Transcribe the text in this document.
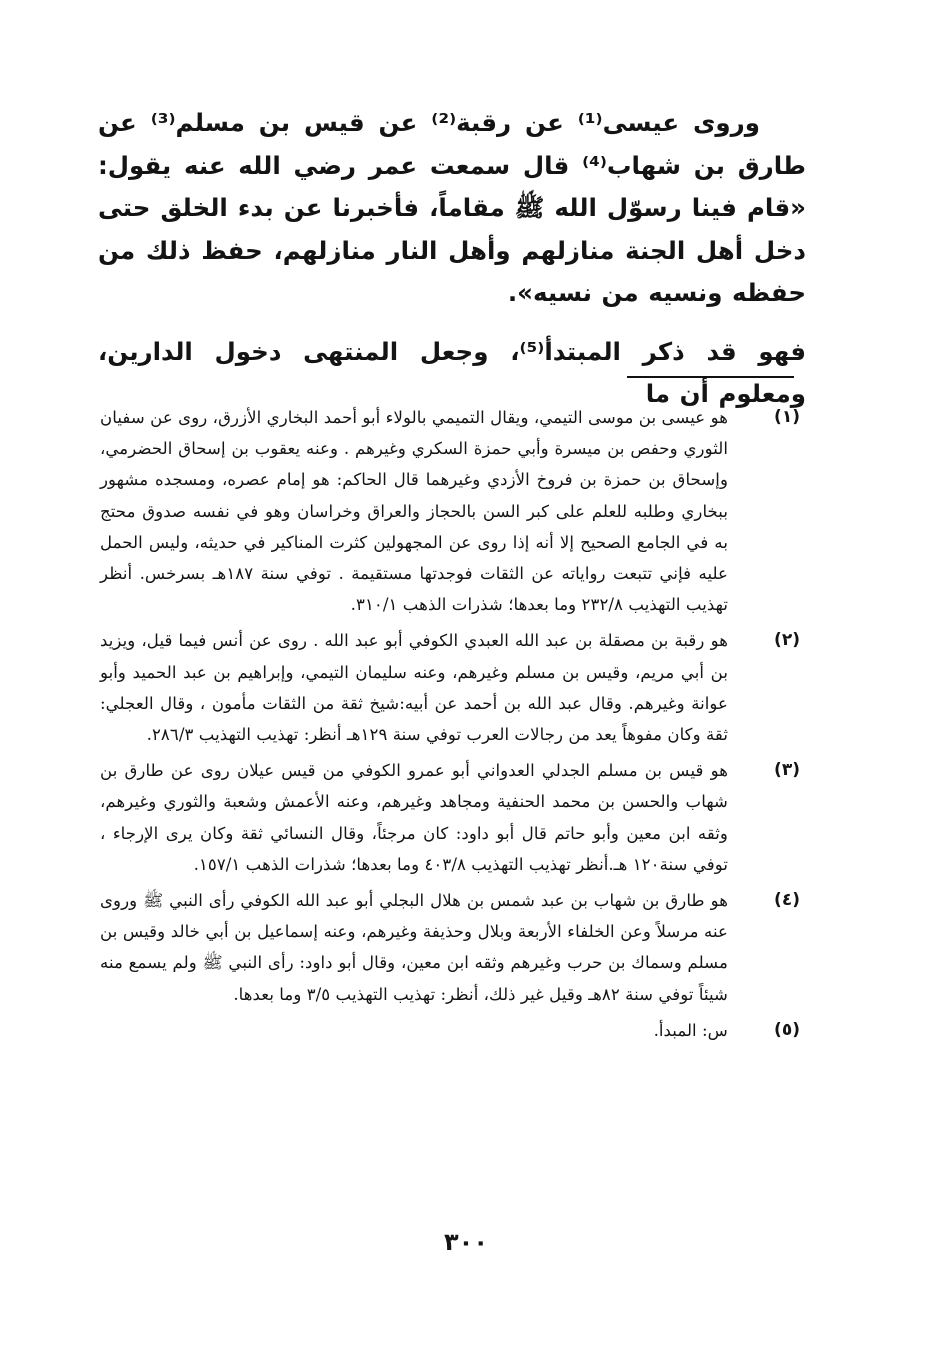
وروى عيسى⁽¹⁾ عن رقبة⁽²⁾ عن قيس بن مسلم⁽³⁾ عن طارق بن شهاب⁽⁴⁾ قال سمعت عمر رضي الله عنه يقول: «قام فينا رسوّل الله ﷺ مقاماً، فأخبرنا عن بدء الخلق حتى دخل أهل الجنة منازلهم وأهل النار منازلهم، حفظ ذلك من حفظه ونسيه من نسيه».

فهو قد ذكر المبتدأ⁽⁵⁾، وجعل المنتهى دخول الدارين، ومعلوم أن ما

(١)
هو عيسى بن موسى التيمي، ويقال التميمي بالولاء أبو أحمد البخاري الأزرق، روى عن سفيان الثوري وحفص بن ميسرة وأبي حمزة السكري وغيرهم . وعنه يعقوب بن إسحاق الحضرمي، وإسحاق بن حمزة بن فروخ الأزدي وغيرهما قال الحاكم: هو إمام عصره، ومسجده مشهور ببخاري وطلبه للعلم على كبر السن بالحجاز والعراق وخراسان وهو في نفسه صدوق محتج به في الجامع الصحيح إلا أنه إذا روى عن المجهولين كثرت المناكير في حديثه، وليس الحمل عليه فإني تتبعت رواياته عن الثقات فوجدتها مستقيمة . توفي سنة ١٨٧هـ بسرخس. أنظر تهذيب التهذيب ٢٣٢/٨ وما بعدها؛ شذرات الذهب ٣١٠/١.
(٢)
هو رقبة بن مصقلة بن عبد الله العبدي الكوفي أبو عبد الله . روى عن أنس فيما قيل، ويزيد بن أبي مريم، وقيس بن مسلم وغيرهم، وعنه سليمان التيمي، وإبراهيم بن عبد الحميد وأبو عوانة وغيرهم. وقال عبد الله بن أحمد عن أبيه:شيخ ثقة من الثقات مأمون ، وقال العجلي: ثقة وكان مفوهاً يعد من رجالات العرب توفي سنة ١٢٩هـ أنظر: تهذيب التهذيب ٢٨٦/٣.
(٣)
هو قيس بن مسلم الجدلي العدواني أبو عمرو الكوفي من قيس عيلان روى عن طارق بن شهاب والحسن بن محمد الحنفية ومجاهد وغيرهم، وعنه الأعمش وشعبة والثوري وغيرهم، وثقه ابن معين وأبو حاتم قال أبو داود: كان مرجئاً، وقال النسائي ثقة وكان يرى الإرجاء ، توفي سنة١٢٠ هـ.أنظر تهذيب التهذيب ٤٠٣/٨ وما بعدها؛ شذرات الذهب ١٥٧/١.
(٤)
هو طارق بن شهاب بن عبد شمس بن هلال البجلي أبو عبد الله الكوفي رأى النبي ﷺ وروى عنه مرسلاً وعن الخلفاء الأربعة وبلال وحذيفة وغيرهم، وعنه إسماعيل بن أبي خالد وقيس بن مسلم وسماك بن حرب وغيرهم وثقه ابن معين، وقال أبو داود: رأى النبي ﷺ ولم يسمع منه شيئاً توفي سنة ٨٢هـ وقيل غير ذلك، أنظر: تهذيب التهذيب ٣/٥ وما بعدها.
(٥)
س: المبدأ.
٣٠٠
